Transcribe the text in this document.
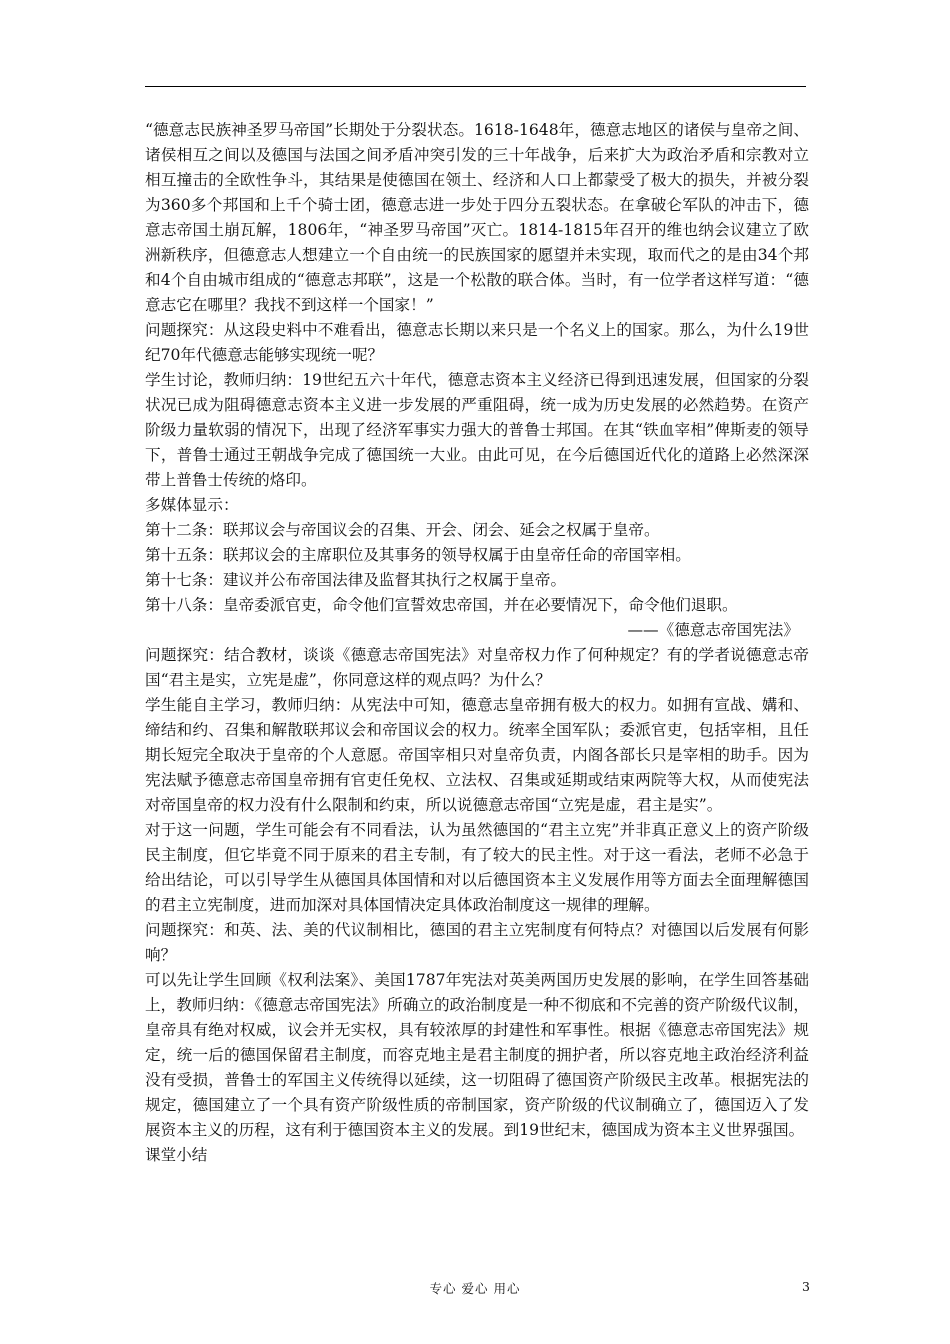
“德意志民族神圣罗马帝国”长期处于分裂状态。1618-1648年，德意志地区的诸侯与皇帝之间、诸侯相互之间以及德国与法国之间矛盾冲突引发的三十年战争，后来扩大为政治矛盾和宗教对立相互撞击的全欧性争斗，其结果是使德国在领土、经济和人口上都蒙受了极大的损失，并被分裂为360多个邦国和上千个骑士团，德意志进一步处于四分五裂状态。在拿破仑军队的冲击下，德意志帝国土崩瓦解，1806年，“神圣罗马帝国”灭亡。1814-1815年召开的维也纳会议建立了欧洲新秩序，但德意志人想建立一个自由统一的民族国家的愿望并未实现，取而代之的是由34个邦和4个自由城市组成的“德意志邦联”，这是一个松散的联合体。当时，有一位学者这样写道：“德意志它在哪里？我找不到这样一个国家！”

问题探究：从这段史料中不难看出，德意志长期以来只是一个名义上的国家。那么，为什么19世纪70年代德意志能够实现统一呢？

学生讨论，教师归纳：19世纪五六十年代，德意志资本主义经济已得到迅速发展，但国家的分裂状况已成为阻碍德意志资本主义进一步发展的严重阻碍，统一成为历史发展的必然趋势。在资产阶级力量软弱的情况下，出现了经济军事实力强大的普鲁士邦国。在其“铁血宰相”俾斯麦的领导下，普鲁士通过王朝战争完成了德国统一大业。由此可见，在今后德国近代化的道路上必然深深带上普鲁士传统的烙印。

多媒体显示：

第十二条：联邦议会与帝国议会的召集、开会、闭会、延会之权属于皇帝。

第十五条：联邦议会的主席职位及其事务的领导权属于由皇帝任命的帝国宰相。

第十七条：建议并公布帝国法律及监督其执行之权属于皇帝。

第十八条：皇帝委派官吏，命令他们宣誓效忠帝国，并在必要情况下，命令他们退职。

——《德意志帝国宪法》

问题探究：结合教材，谈谈《德意志帝国宪法》对皇帝权力作了何种规定？有的学者说德意志帝国“君主是实，立宪是虚”，你同意这样的观点吗？为什么？

学生能自主学习，教师归纳：从宪法中可知，德意志皇帝拥有极大的权力。如拥有宣战、媾和、缔结和约、召集和解散联邦议会和帝国议会的权力。统率全国军队；委派官吏，包括宰相，且任期长短完全取决于皇帝的个人意愿。帝国宰相只对皇帝负责，内阁各部长只是宰相的助手。因为宪法赋予德意志帝国皇帝拥有官吏任免权、立法权、召集或延期或结束两院等大权，从而使宪法对帝国皇帝的权力没有什么限制和约束，所以说德意志帝国“立宪是虚，君主是实”。

对于这一问题，学生可能会有不同看法，认为虽然德国的“君主立宪”并非真正意义上的资产阶级民主制度，但它毕竟不同于原来的君主专制，有了较大的民主性。对于这一看法，老师不必急于给出结论，可以引导学生从德国具体国情和对以后德国资本主义发展作用等方面去全面理解德国的君主立宪制度，进而加深对具体国情决定具体政治制度这一规律的理解。

问题探究：和英、法、美的代议制相比，德国的君主立宪制度有何特点？对德国以后发展有何影响？

可以先让学生回顾《权利法案》、美国1787年宪法对英美两国历史发展的影响，在学生回答基础上，教师归纳：《德意志帝国宪法》所确立的政治制度是一种不彻底和不完善的资产阶级代议制，皇帝具有绝对权威，议会并无实权，具有较浓厚的封建性和军事性。根据《德意志帝国宪法》规定，统一后的德国保留君主制度，而容克地主是君主制度的拥护者，所以容克地主政治经济利益没有受损，普鲁士的军国主义传统得以延续，这一切阻碍了德国资产阶级民主改革。根据宪法的规定，德国建立了一个具有资产阶级性质的帝制国家，资产阶级的代议制确立了，德国迈入了发展资本主义的历程，这有利于德国资本主义的发展。到19世纪末，德国成为资本主义世界强国。

课堂小结

专心 爱心 用心	3
